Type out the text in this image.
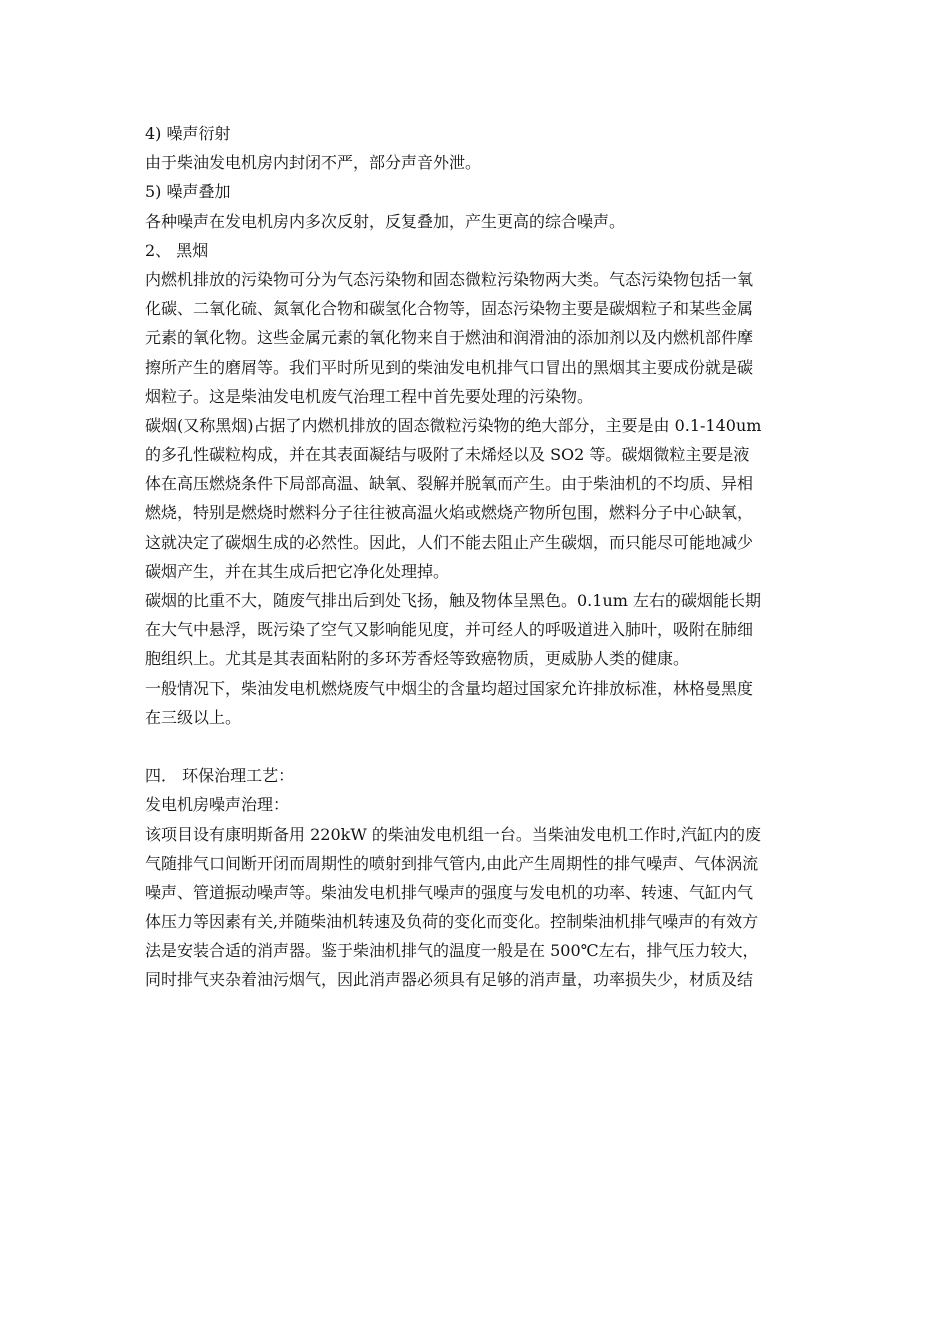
4) 噪声衍射
由于柴油发电机房内封闭不严，部分声音外泄。
5) 噪声叠加
各种噪声在发电机房内多次反射，反复叠加，产生更高的综合噪声。
2、 黑烟
内燃机排放的污染物可分为气态污染物和固态微粒污染物两大类。气态污染物包括一氧
化碳、二氧化硫、氮氧化合物和碳氢化合物等，固态污染物主要是碳烟粒子和某些金属
元素的氧化物。这些金属元素的氧化物来自于燃油和润滑油的添加剂以及内燃机部件摩
擦所产生的磨屑等。我们平时所见到的柴油发电机排气口冒出的黑烟其主要成份就是碳
烟粒子。这是柴油发电机废气治理工程中首先要处理的污染物。
碳烟(又称黑烟)占据了内燃机排放的固态微粒污染物的绝大部分，主要是由 0.1-140um
的多孔性碳粒构成，并在其表面凝结与吸附了未烯烃以及 SO2 等。碳烟微粒主要是液
体在高压燃烧条件下局部高温、缺氧、裂解并脱氧而产生。由于柴油机的不均质、异相
燃烧，特别是燃烧时燃料分子往往被高温火焰或燃烧产物所包围，燃料分子中心缺氧，
这就决定了碳烟生成的必然性。因此，人们不能去阻止产生碳烟，而只能尽可能地减少
碳烟产生，并在其生成后把它净化处理掉。
碳烟的比重不大，随废气排出后到处飞扬，触及物体呈黑色。0.1um 左右的碳烟能长期
在大气中悬浮，既污染了空气又影响能见度，并可经人的呼吸道进入肺叶，吸附在肺细
胞组织上。尤其是其表面粘附的多环芳香烃等致癌物质，更威胁人类的健康。
一般情况下，柴油发电机燃烧废气中烟尘的含量均超过国家允许排放标准，林格曼黑度
在三级以上。
四． 环保治理工艺：
发电机房噪声治理：
该项目设有康明斯备用 220kW 的柴油发电机组一台。当柴油发电机工作时,汽缸内的废
气随排气口间断开闭而周期性的喷射到排气管内,由此产生周期性的排气噪声、气体涡流
噪声、管道振动噪声等。柴油发电机排气噪声的强度与发电机的功率、转速、气缸内气
体压力等因素有关,并随柴油机转速及负荷的变化而变化。控制柴油机排气噪声的有效方
法是安装合适的消声器。鉴于柴油机排气的温度一般是在 500℃左右，排气压力较大，
同时排气夹杂着油污烟气，因此消声器必须具有足够的消声量，功率损失少，材质及结
